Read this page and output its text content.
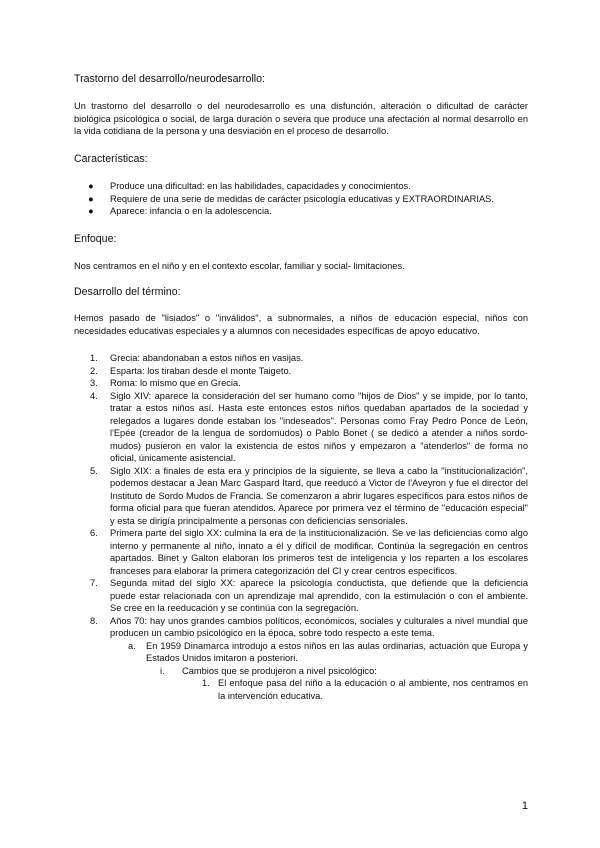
Trastorno del desarrollo/neurodesarrollo:

Un trastorno del desarrollo o del neurodesarrollo es una disfunción, alteración o dificultad de carácter biológica psicológica o social, de larga duración o severa que produce una afectación al normal desarrollo en la vida cotidiana de la persona y una desviación en el proceso de desarrollo.

Características:
● Produce una dificultad: en las habilidades, capacidades y conocimientos.
● Requiere de una serie de medidas de carácter psicología educativas y EXTRAORDINARIAS.
● Aparece: infancia o en la adolescencia.
Enfoque:

Nos centramos en el niño y en el contexto escolar, familiar y social- limitaciones.

Desarrollo del término:

Hemos pasado de "lisiados" o "inválidos", a subnormales, a niños de educación especial, niños con necesidades educativas especiales y a alumnos con necesidades específicas de apoyo educativo.

1. Grecia: abandonaban a estos niños en vasijas.
2. Esparta: los tiraban desde el monte Taigeto.
3. Roma: lo mismo que en Grecia.
4. Siglo XIV: aparece la consideración del ser humano como "hijos de Dios" y se impide, por lo tanto, tratar a estos niños así. Hasta este entonces estos niños quedaban apartados de la sociedad y relegados a lugares donde estaban los "indeseados". Personas como Fray Pedro Ponce de León, l'Epée (creador de la lengua de sordomudos) o Pablo Bonet ( se dedicó a atender a niños sordo-mudos) pusieron en valor la existencia de estos niños y empezaron a "atenderlos" de forma no oficial, únicamente asistencial.
5. Siglo XIX: a finales de esta era y principios de la siguiente, se lleva a cabo la "institucionalización", podemos destacar a Jean Marc Gaspard Itard, que reeducó a Victor de l'Aveyron y fue el director del Instituto de Sordo Mudos de Francia. Se comenzaron a abrir lugares específicos para estos niños de forma oficial para que fueran atendidos. Aparece por primera vez el término de "educación especial" y esta se dirigía principalmente a personas con deficiencias sensoriales.
6. Primera parte del siglo XX: culmina la era de la institucionalización. Se ve las deficiencias como algo interno y permanente al niño, innato a él y difícil de modificar. Continúa la segregación en centros apartados. Binet y Galton elaboran los primeros test de inteligencia y los reparten a los escolares franceses para elaborar la primera categorización del CI y crear centros específicos.
7. Segunda mitad del siglo XX: aparece la psicología conductista, que defiende que la deficiencia puede estar relacionada con un aprendizaje mal aprendido, con la estimulación o con el ambiente. Se cree en la reeducación y se continúa con la segregación.
8. Años 70: hay unos grandes cambios políticos, económicos, sociales y culturales a nivel mundial que producen un cambio psicológico en la época, sobre todo respecto a este tema.
a. En 1959 Dinamarca introdujo a estos niños en las aulas ordinarias, actuación que Europa y Estados Unidos imitaron a posteriori.
i. Cambios que se produjeron a nivel psicológico:
1. El enfoque pasa del niño a la educación o al ambiente, nos centramos en la intervención educativa.
1
